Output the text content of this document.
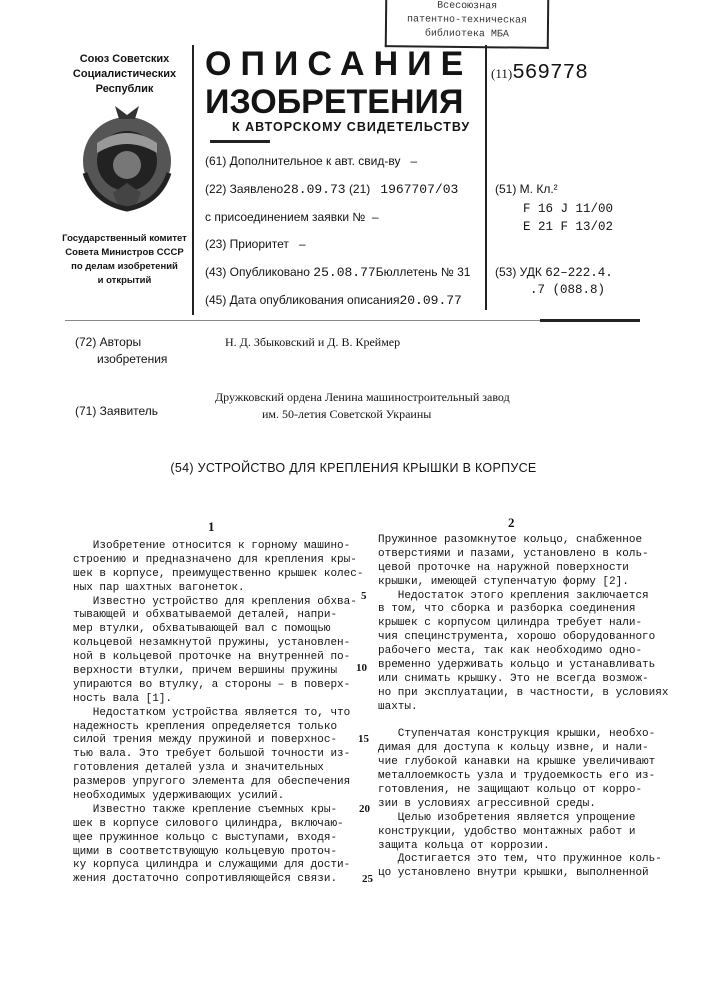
Всесоюзная
патентно-техническая
библиотека МБА
Союз Советских
Социалистических
Республик
Государственный комитет
Совета Министров СССР
по делам изобретений
и открытий
ОПИСАНИЕ
ИЗОБРЕТЕНИЯ
К АВТОРСКОМУ СВИДЕТЕЛЬСТВУ
(11)569778
(61) Дополнительное к авт. свид-ву –
(22) Заявлено28.09.73 (21) 1967707/03
с присоединением заявки № –
(23) Приоритет –
(43) Опубликовано 25.08.77Бюллетень № 31
(45) Дата опубликования описания20.09.77
(51) М. Кл.²
F 16 J 11/00
E 21 F 13/02
(53) УДК 62–222.4.
.7 (088.8)
(72) Авторы
изобретения
Н. Д. Збыковский и Д. В. Креймер
(71) Заявитель
Дружковский ордена Ленина машиностроительный завод
им. 50-летия Советской Украины
(54) УСТРОЙСТВО ДЛЯ КРЕПЛЕНИЯ КРЫШКИ В КОРПУСЕ
1	2
Изобретение относится к горному машино-
строению и предназначено для крепления кры-
шек в корпусе, преимущественно крышек колес-
ных пар шахтных вагонеток.
Известно устройство для крепления обхва-
тывающей и обхватываемой деталей, напри-
мер втулки, обхватывающей вал с помощью
кольцевой незамкнутой пружины, установлен-
ной в кольцевой проточке на внутренней по-
верхности втулки, причем вершины пружины
упираются во втулку, а стороны – в поверх-
ность вала [1].
Недостатком устройства является то, что
надежность крепления определяется только
силой трения между пружиной и поверхнос-
тью вала. Это требует большой точности из-
готовления деталей узла и значительных
размеров упругого элемента для обеспечения
необходимых удерживающих усилий.
Известно также крепление съемных кры-
шек в корпусе силового цилиндра, включаю-
щее пружинное кольцо с выступами, входя-
щими в соответствующую кольцевую проточ-
ку корпуса цилиндра и служащими для дости-
жения достаточно сопротивляющейся связи.
Пружинное разомкнутое кольцо, снабженное
отверстиями и пазами, установлено в коль-
цевой проточке на наружной поверхности
крышки, имеющей ступенчатую форму [2].
Недостаток этого крепления заключается
в том, что сборка и разборка соединения
крышек с корпусом цилиндра требует нали-
чия специнструмента, хорошо оборудованного
рабочего места, так как необходимо одно-
временно удерживать кольцо и устанавливать
или снимать крышку. Это не всегда возмож-
но при эксплуатации, в частности, в условиях
шахты.
Ступенчатая конструкция крышки, необхо-
димая для доступа к кольцу извне, и нали-
чие глубокой канавки на крышке увеличивают
металлоемкость узла и трудоемкость его из-
готовления, не защищают кольцо от корро-
зии в условиях агрессивной среды.
Целью изобретения является упрощение
конструкции, удобство монтажных работ и
защита кольца от коррозии.
Достигается это тем, что пружинное коль-
цо установлено внутри крышки, выполненной
5
10
15
20
25
